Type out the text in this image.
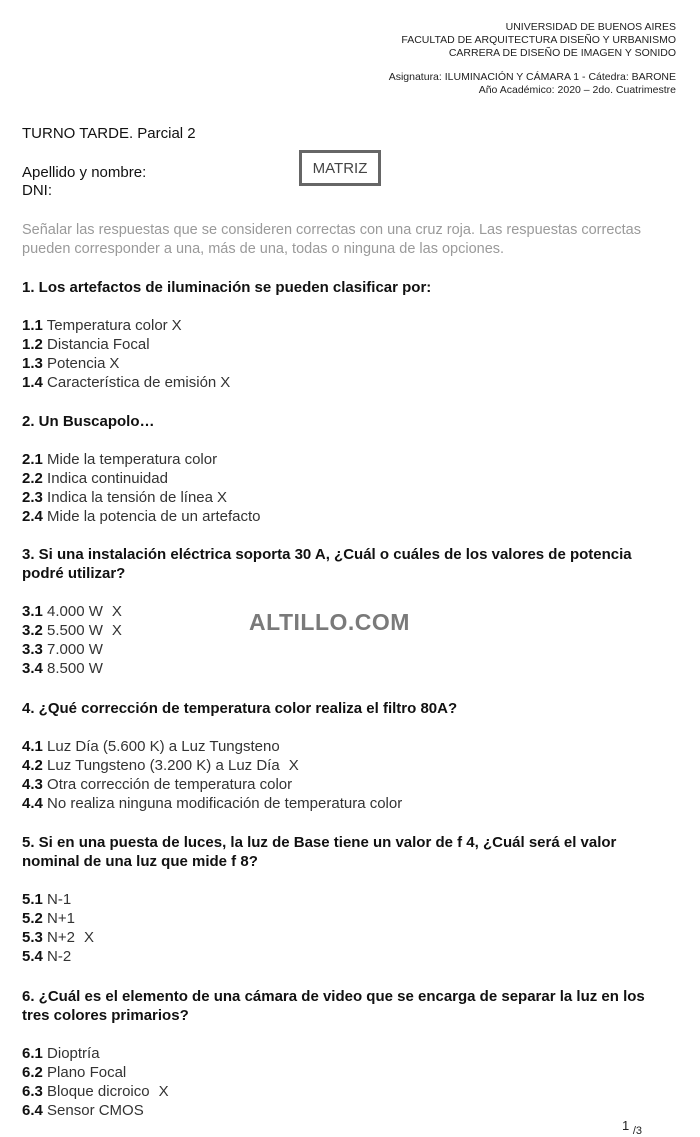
UNIVERSIDAD DE BUENOS AIRES
FACULTAD DE ARQUITECTURA DISEÑO Y URBANISMO
CARRERA DE DISEÑO DE IMAGEN Y SONIDO
Asignatura: ILUMINACIÓN Y CÁMARA 1 - Cátedra: BARONE
Año Académico: 2020 – 2do. Cuatrimestre
TURNO TARDE. Parcial 2
Apellido y nombre:
DNI:
MATRIZ
Señalar las respuestas que se consideren correctas con una cruz roja. Las respuestas correctas pueden corresponder a una, más de una, todas o ninguna de las opciones.
1. Los artefactos de iluminación se pueden clasificar por:
1.1 Temperatura color X
1.2 Distancia Focal
1.3 Potencia X
1.4 Característica de emisión X
2. Un Buscapolo…
2.1 Mide la temperatura color
2.2 Indica continuidad
2.3 Indica la tensión de línea X
2.4 Mide la potencia de un artefacto
3. Si una instalación eléctrica soporta 30 A, ¿Cuál o cuáles de los valores de potencia podré utilizar?
3.1 4.000 W X
3.2 5.500 W X
3.3 7.000 W
3.4 8.500 W
ALTILLO.COM
4. ¿Qué corrección de temperatura color realiza el filtro 80A?
4.1 Luz Día (5.600 K) a Luz Tungsteno
4.2 Luz Tungsteno (3.200 K) a Luz Día X
4.3 Otra corrección de temperatura color
4.4 No realiza ninguna modificación de temperatura color
5. Si en una puesta de luces, la luz de Base tiene un valor de f 4, ¿Cuál será el valor nominal de una luz que mide f 8?
5.1 N-1
5.2 N+1
5.3 N+2 X
5.4 N-2
6. ¿Cuál es el elemento de una cámara de video que se encarga de separar la luz en los tres colores primarios?
6.1 Dioptría
6.2 Plano Focal
6.3 Bloque dicroico X
6.4 Sensor CMOS
1 $_{/3}$
